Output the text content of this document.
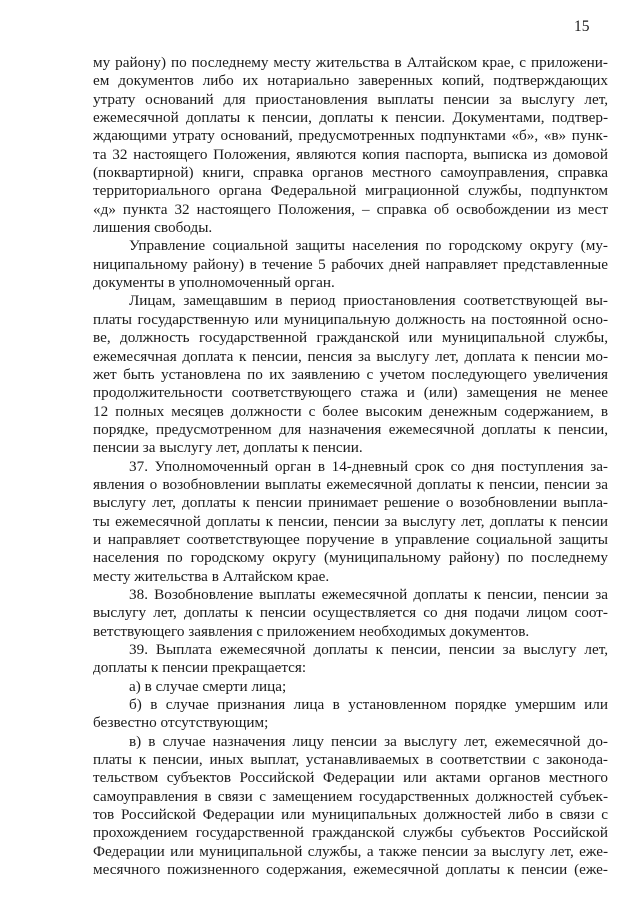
15
му району) по последнему месту жительства в Алтайском крае, с приложени-
ем документов либо их нотариально заверенных копий, подтверждающих
утрату оснований для приостановления выплаты пенсии за выслугу лет,
ежемесячной доплаты к пенсии, доплаты к пенсии. Документами, подтвер-
ждающими утрату оснований, предусмотренных подпунктами «б», «в» пунк-
та 32 настоящего Положения, являются копия паспорта, выписка из домовой
(поквартирной) книги, справка органов местного самоуправления, справка
территориального органа Федеральной миграционной службы, подпунктом
«д» пункта 32 настоящего Положения, – справка об освобождении из мест
лишения свободы.
Управление социальной защиты населения по городскому округу (му-
ниципальному району) в течение 5 рабочих дней направляет представленные
документы в уполномоченный орган.
Лицам, замещавшим в период приостановления соответствующей вы-
платы государственную или муниципальную должность на постоянной осно-
ве, должность государственной гражданской или муниципальной службы,
ежемесячная доплата к пенсии, пенсия за выслугу лет, доплата к пенсии мо-
жет быть установлена по их заявлению с учетом последующего увеличения
продолжительности соответствующего стажа и (или) замещения не менее
12 полных месяцев должности с более высоким денежным содержанием, в
порядке, предусмотренном для назначения ежемесячной доплаты к пенсии,
пенсии за выслугу лет, доплаты к пенсии.
37. Уполномоченный орган в 14-дневный срок со дня поступления за-
явления о возобновлении выплаты ежемесячной доплаты к пенсии, пенсии за
выслугу лет, доплаты к пенсии принимает решение о возобновлении выпла-
ты ежемесячной доплаты к пенсии, пенсии за выслугу лет, доплаты к пенсии
и направляет соответствующее поручение в управление социальной защиты
населения по городскому округу (муниципальному району) по последнему
месту жительства в Алтайском крае.
38. Возобновление выплаты ежемесячной доплаты к пенсии, пенсии за
выслугу лет, доплаты к пенсии осуществляется со дня подачи лицом соот-
ветствующего заявления с приложением необходимых документов.
39. Выплата ежемесячной доплаты к пенсии, пенсии за выслугу лет,
доплаты к пенсии прекращается:
а) в случае смерти лица;
б) в случае признания лица в установленном порядке умершим или
безвестно отсутствующим;
в) в случае назначения лицу пенсии за выслугу лет, ежемесячной до-
платы к пенсии, иных выплат, устанавливаемых в соответствии с законода-
тельством субъектов Российской Федерации или актами органов местного
самоуправления в связи с замещением государственных должностей субъек-
тов Российской Федерации или муниципальных должностей либо в связи с
прохождением государственной гражданской службы субъектов Российской
Федерации или муниципальной службы, а также пенсии за выслугу лет, еже-
месячного пожизненного содержания, ежемесячной доплаты к пенсии (еже-
